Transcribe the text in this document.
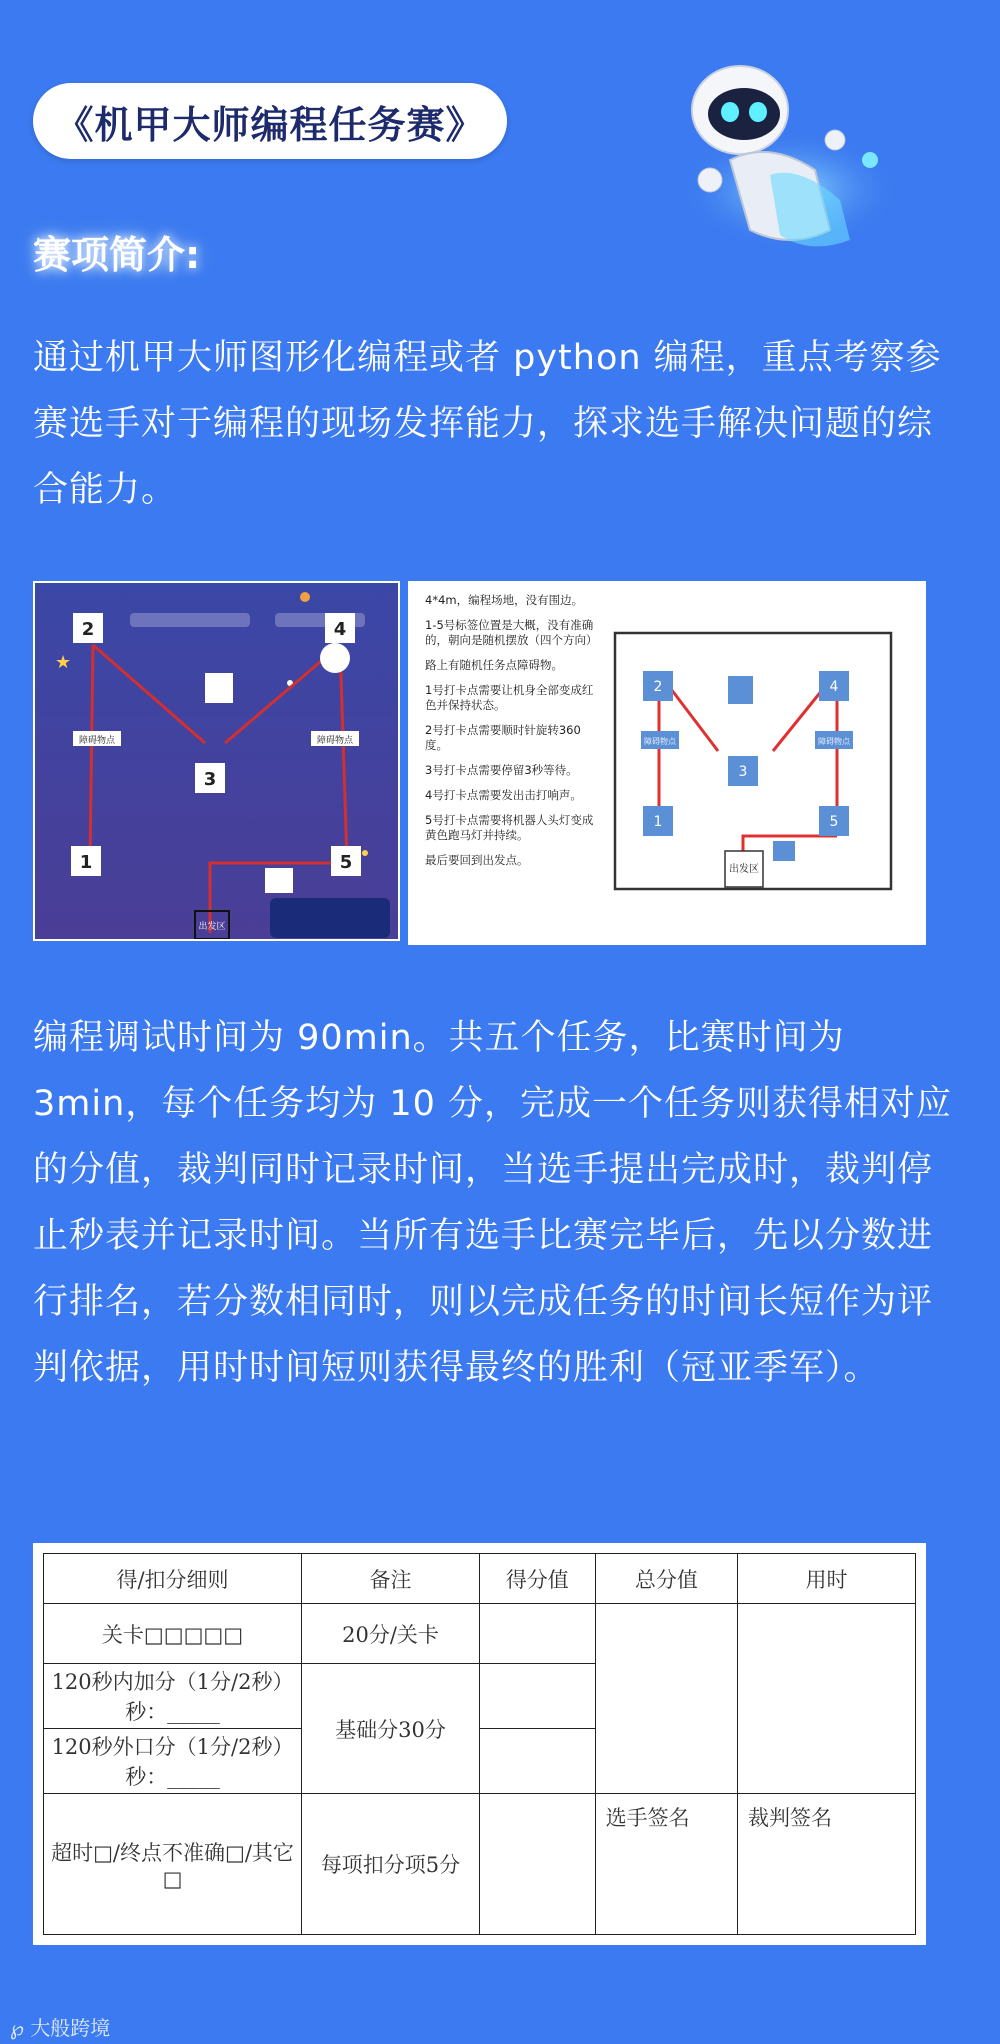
《机甲大师编程任务赛》
赛项简介:
通过机甲大师图形化编程或者 python 编程，重点考察参赛选手对于编程的现场发挥能力，探求选手解决问题的综合能力。
★
2	4
3
1	5
障碍物点	障碍物点
出发区

4*4m，编程场地，没有围边。

1-5号标签位置是大概，没有准确的，朝向是随机摆放（四个方向）

路上有随机任务点障碍物。

1号打卡点需要让机身全部变成红色并保持状态。

2号打卡点需要顺时针旋转360度。

3号打卡点需要停留3秒等待。

4号打卡点需要发出击打响声。

5号打卡点需要将机器人头灯变成黄色跑马灯并持续。

最后要回到出发点。

2	4
3
1	5
障碍物点	障碍物点
出发区
编程调试时间为 90min。共五个任务，比赛时间为 3min，每个任务均为 10 分，完成一个任务则获得相对应的分值，裁判同时记录时间，当选手提出完成时，裁判停止秒表并记录时间。当所有选手比赛完毕后，先以分数进行排名，若分数相同时，则以完成任务的时间长短作为评判依据，用时时间短则获得最终的胜利（冠亚季军）。
得/扣分细则	备注	得分值	总分值	用时
关卡□□□□□	20分/关卡			
120秒内加分（1分/2秒）秒：_____	基础分30分			
120秒外口分（1分/2秒）秒：_____				
超时□/终点不准确□/其它□	每项扣分项5分		选手签名	裁判签名
℘ 大般跨境
